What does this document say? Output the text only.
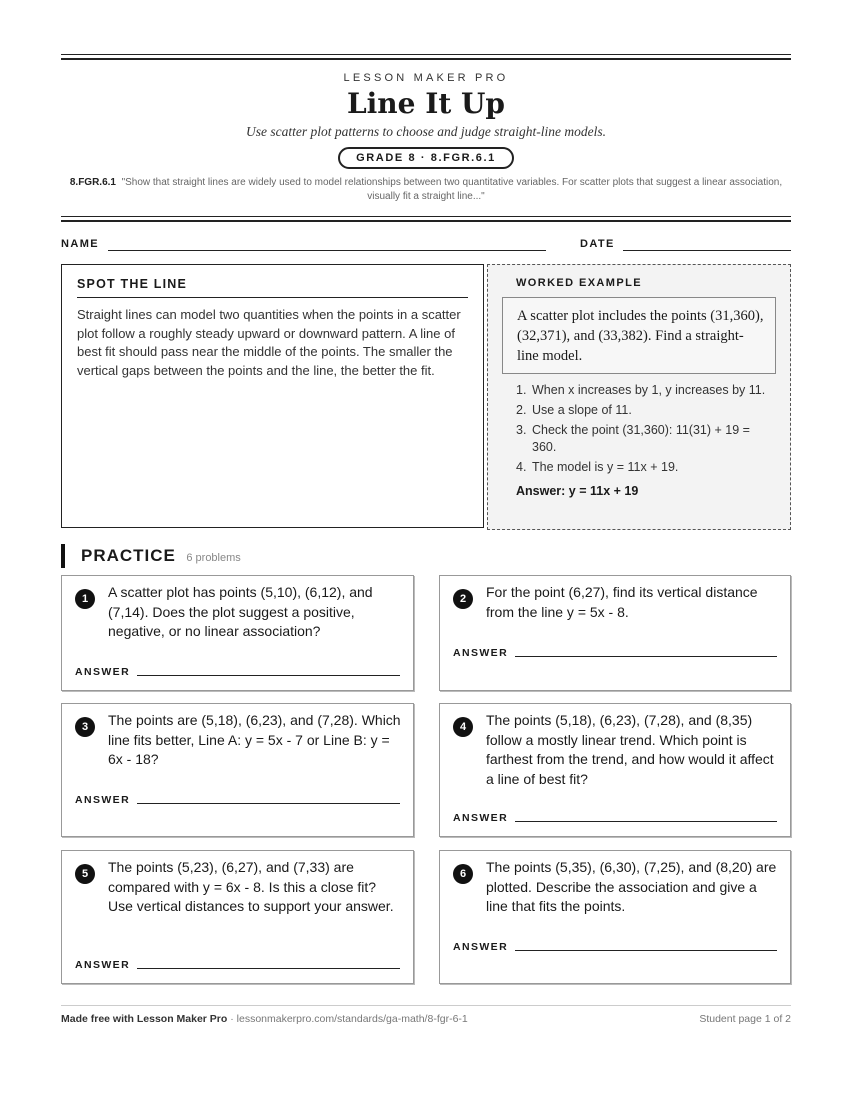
LESSON MAKER PRO
Line It Up
Use scatter plot patterns to choose and judge straight-line models.
GRADE 8 · 8.FGR.6.1
8.FGR.6.1 "Show that straight lines are widely used to model relationships between two quantitative variables. For scatter plots that suggest a linear association, visually fit a straight line..."
NAME	DATE
SPOT THE LINE
Straight lines can model two quantities when the points in a scatter plot follow a roughly steady upward or downward pattern. A line of best fit should pass near the middle of the points. The smaller the vertical gaps between the points and the line, the better the fit.
WORKED EXAMPLE
A scatter plot includes the points (31,360), (32,371), and (33,382). Find a straight-line model.
1. When x increases by 1, y increases by 11.
2. Use a slope of 11.
3. Check the point (31,360): 11(31) + 19 = 360.
4. The model is y = 11x + 19.
Answer: y = 11x + 19
PRACTICE 6 problems
1	A scatter plot has points (5,10), (6,12), and (7,14). Does the plot suggest a positive, negative, or no linear association?
ANSWER
2	For the point (6,27), find its vertical distance from the line y = 5x - 8.
ANSWER
3	The points are (5,18), (6,23), and (7,28). Which line fits better, Line A: y = 5x - 7 or Line B: y = 6x - 18?
ANSWER
4	The points (5,18), (6,23), (7,28), and (8,35) follow a mostly linear trend. Which point is farthest from the trend, and how would it affect a line of best fit?
ANSWER
5	The points (5,23), (6,27), and (7,33) are compared with y = 6x - 8. Is this a close fit? Use vertical distances to support your answer.
ANSWER
6	The points (5,35), (6,30), (7,25), and (8,20) are plotted. Describe the association and give a line that fits the points.
ANSWER
Made free with Lesson Maker Pro · lessonmakerpro.com/standards/ga-math/8-fgr-6-1	Student page 1 of 2
